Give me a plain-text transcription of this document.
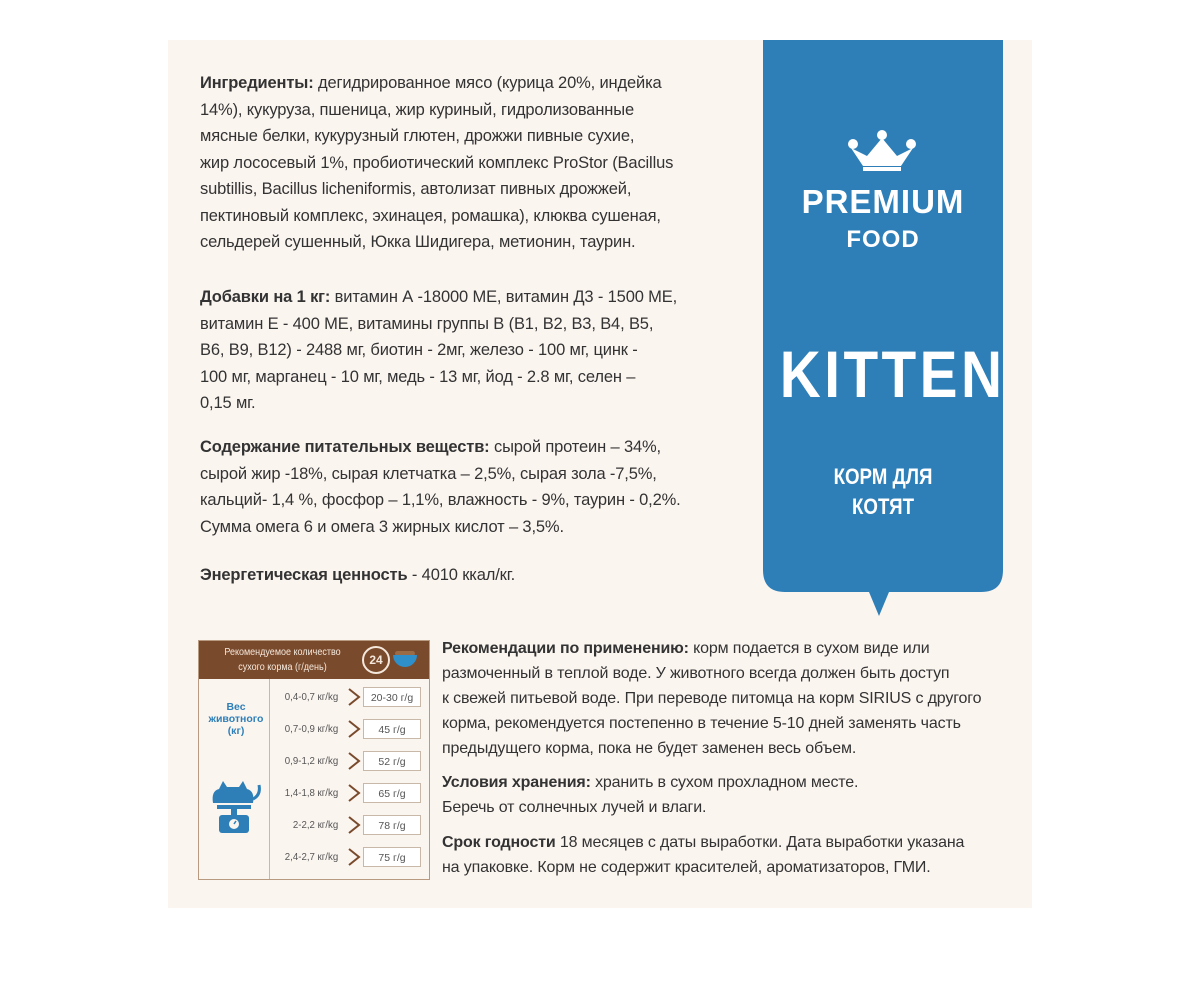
Ингредиенты: дегидрированное мясо (курица 20%, индейка
14%), кукуруза, пшеница, жир куриный, гидролизованные
мясные белки, кукурузный глютен, дрожжи пивные сухие,
жир лососевый 1%, пробиотический комплекс ProStor (Bacillus
subtillis, Bacillus licheniformis, автолизат пивных дрожжей,
пектиновый комплекс, эхинацея, ромашка), клюква сушеная,
сельдерей сушенный, Юкка Шидигера, метионин, таурин.

Добавки на 1 кг: витамин А -18000 МЕ, витамин Д3 - 1500 МЕ,
витамин Е - 400 МЕ, витамины группы В (В1, В2, В3, В4, В5,
В6, В9, В12) - 2488 мг, биотин - 2мг, железо - 100 мг, цинк -
100 мг, марганец - 10 мг, медь - 13 мг, йод - 2.8 мг, селен –
0,15 мг.

Содержание питательных веществ: сырой протеин – 34%,
сырой жир -18%, сырая клетчатка – 2,5%, сырая зола -7,5%,
кальций- 1,4 %, фосфор – 1,1%, влажность - 9%, таурин - 0,2%.
Сумма омега 6 и омега 3 жирных кислот – 3,5%.

Энергетическая ценность - 4010 ккал/кг.

PREMIUM
FOOD
KITTEN
КОРМ ДЛЯ
КОТЯТ
Рекомендуемое количество сухого корма (г/день)
24
Вес животного (кг)
0,4-0,7 кг/kg	20-30 г/g
0,7-0,9 кг/kg	45 г/g
0,9-1,2 кг/kg	52 г/g
1,4-1,8 кг/kg	65 г/g
2-2,2 кг/kg	78 г/g
2,4-2,7 кг/kg	75 г/g

Рекомендации по применению: корм подается в сухом виде или
размоченный в теплой воде. У животного всегда должен быть доступ
к свежей питьевой воде. При переводе питомца на корм SIRIUS с другого
корма, рекомендуется постепенно в течение 5-10 дней заменять часть
предыдущего корма, пока не будет заменен весь объем.

Условия хранения: хранить в сухом прохладном месте.
Беречь от солнечных лучей и влаги.

Срок годности 18 месяцев с даты выработки. Дата выработки указана
на упаковке. Корм не содержит красителей, ароматизаторов, ГМИ.
